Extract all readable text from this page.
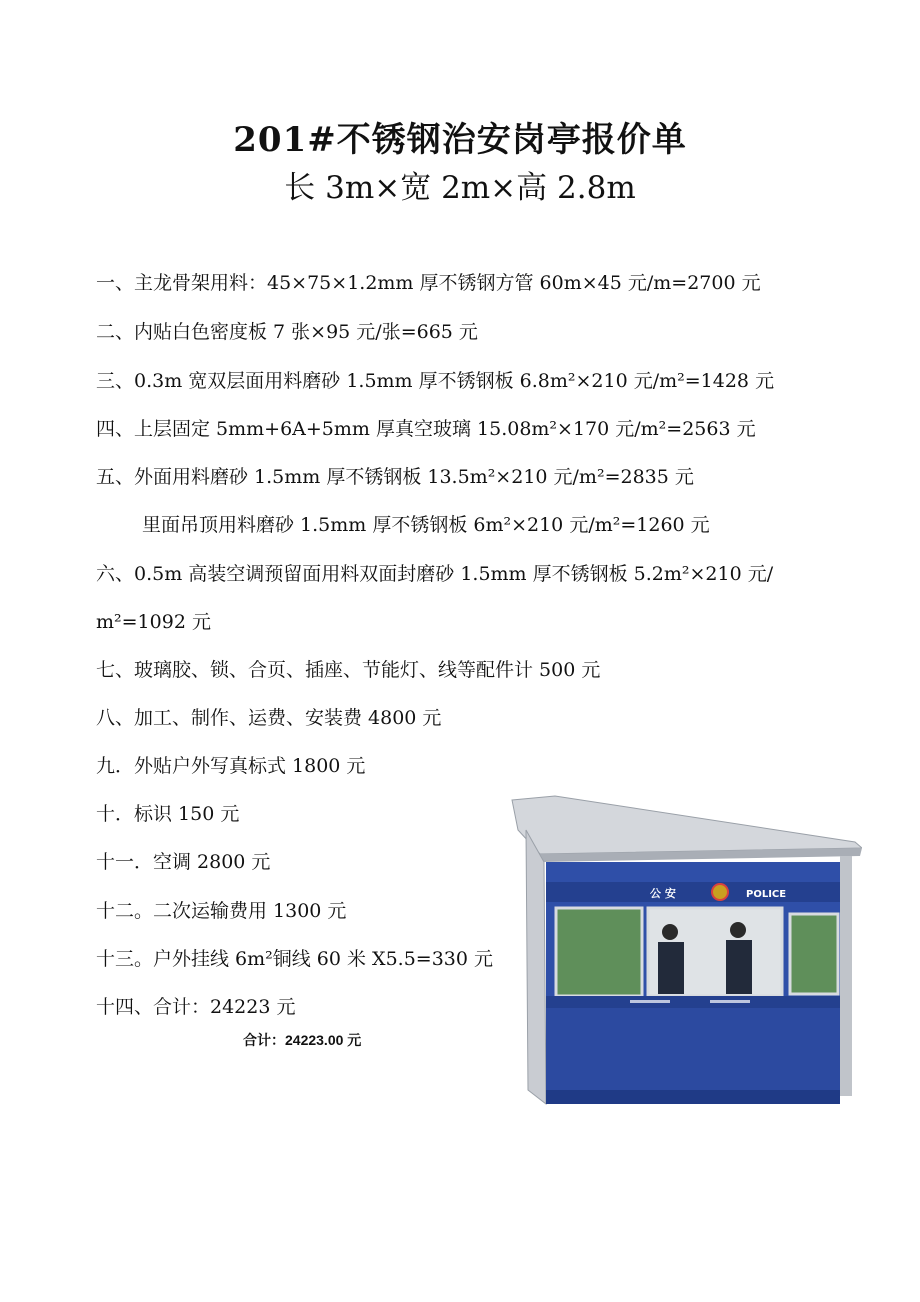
201#不锈钢治安岗亭报价单
长 3m×宽 2m×高 2.8m
一、主龙骨架用料：45×75×1.2mm 厚不锈钢方管 60m×45 元/m=2700 元
二、内贴白色密度板 7 张×95 元/张=665 元
三、0.3m 宽双层面用料磨砂 1.5mm 厚不锈钢板 6.8m²×210 元/m²=1428 元
四、上层固定 5mm+6A+5mm 厚真空玻璃 15.08m²×170 元/m²=2563 元
五、外面用料磨砂 1.5mm 厚不锈钢板 13.5m²×210 元/m²=2835 元
里面吊顶用料磨砂 1.5mm 厚不锈钢板 6m²×210 元/m²=1260 元
六、0.5m 高装空调预留面用料双面封磨砂 1.5mm 厚不锈钢板 5.2m²×210 元/
m²=1092 元
七、玻璃胶、锁、合页、插座、节能灯、线等配件计 500 元
八、加工、制作、运费、安装费 4800 元
九．外贴户外写真标式 1800 元
十．标识 150 元
十一．空调 2800 元
十二。二次运输费用 1300 元
十三。户外挂线 6m²铜线 60 米 X5.5=330 元
十四、合计：24223 元
合计：24223.00 元
公 安	POLICE
